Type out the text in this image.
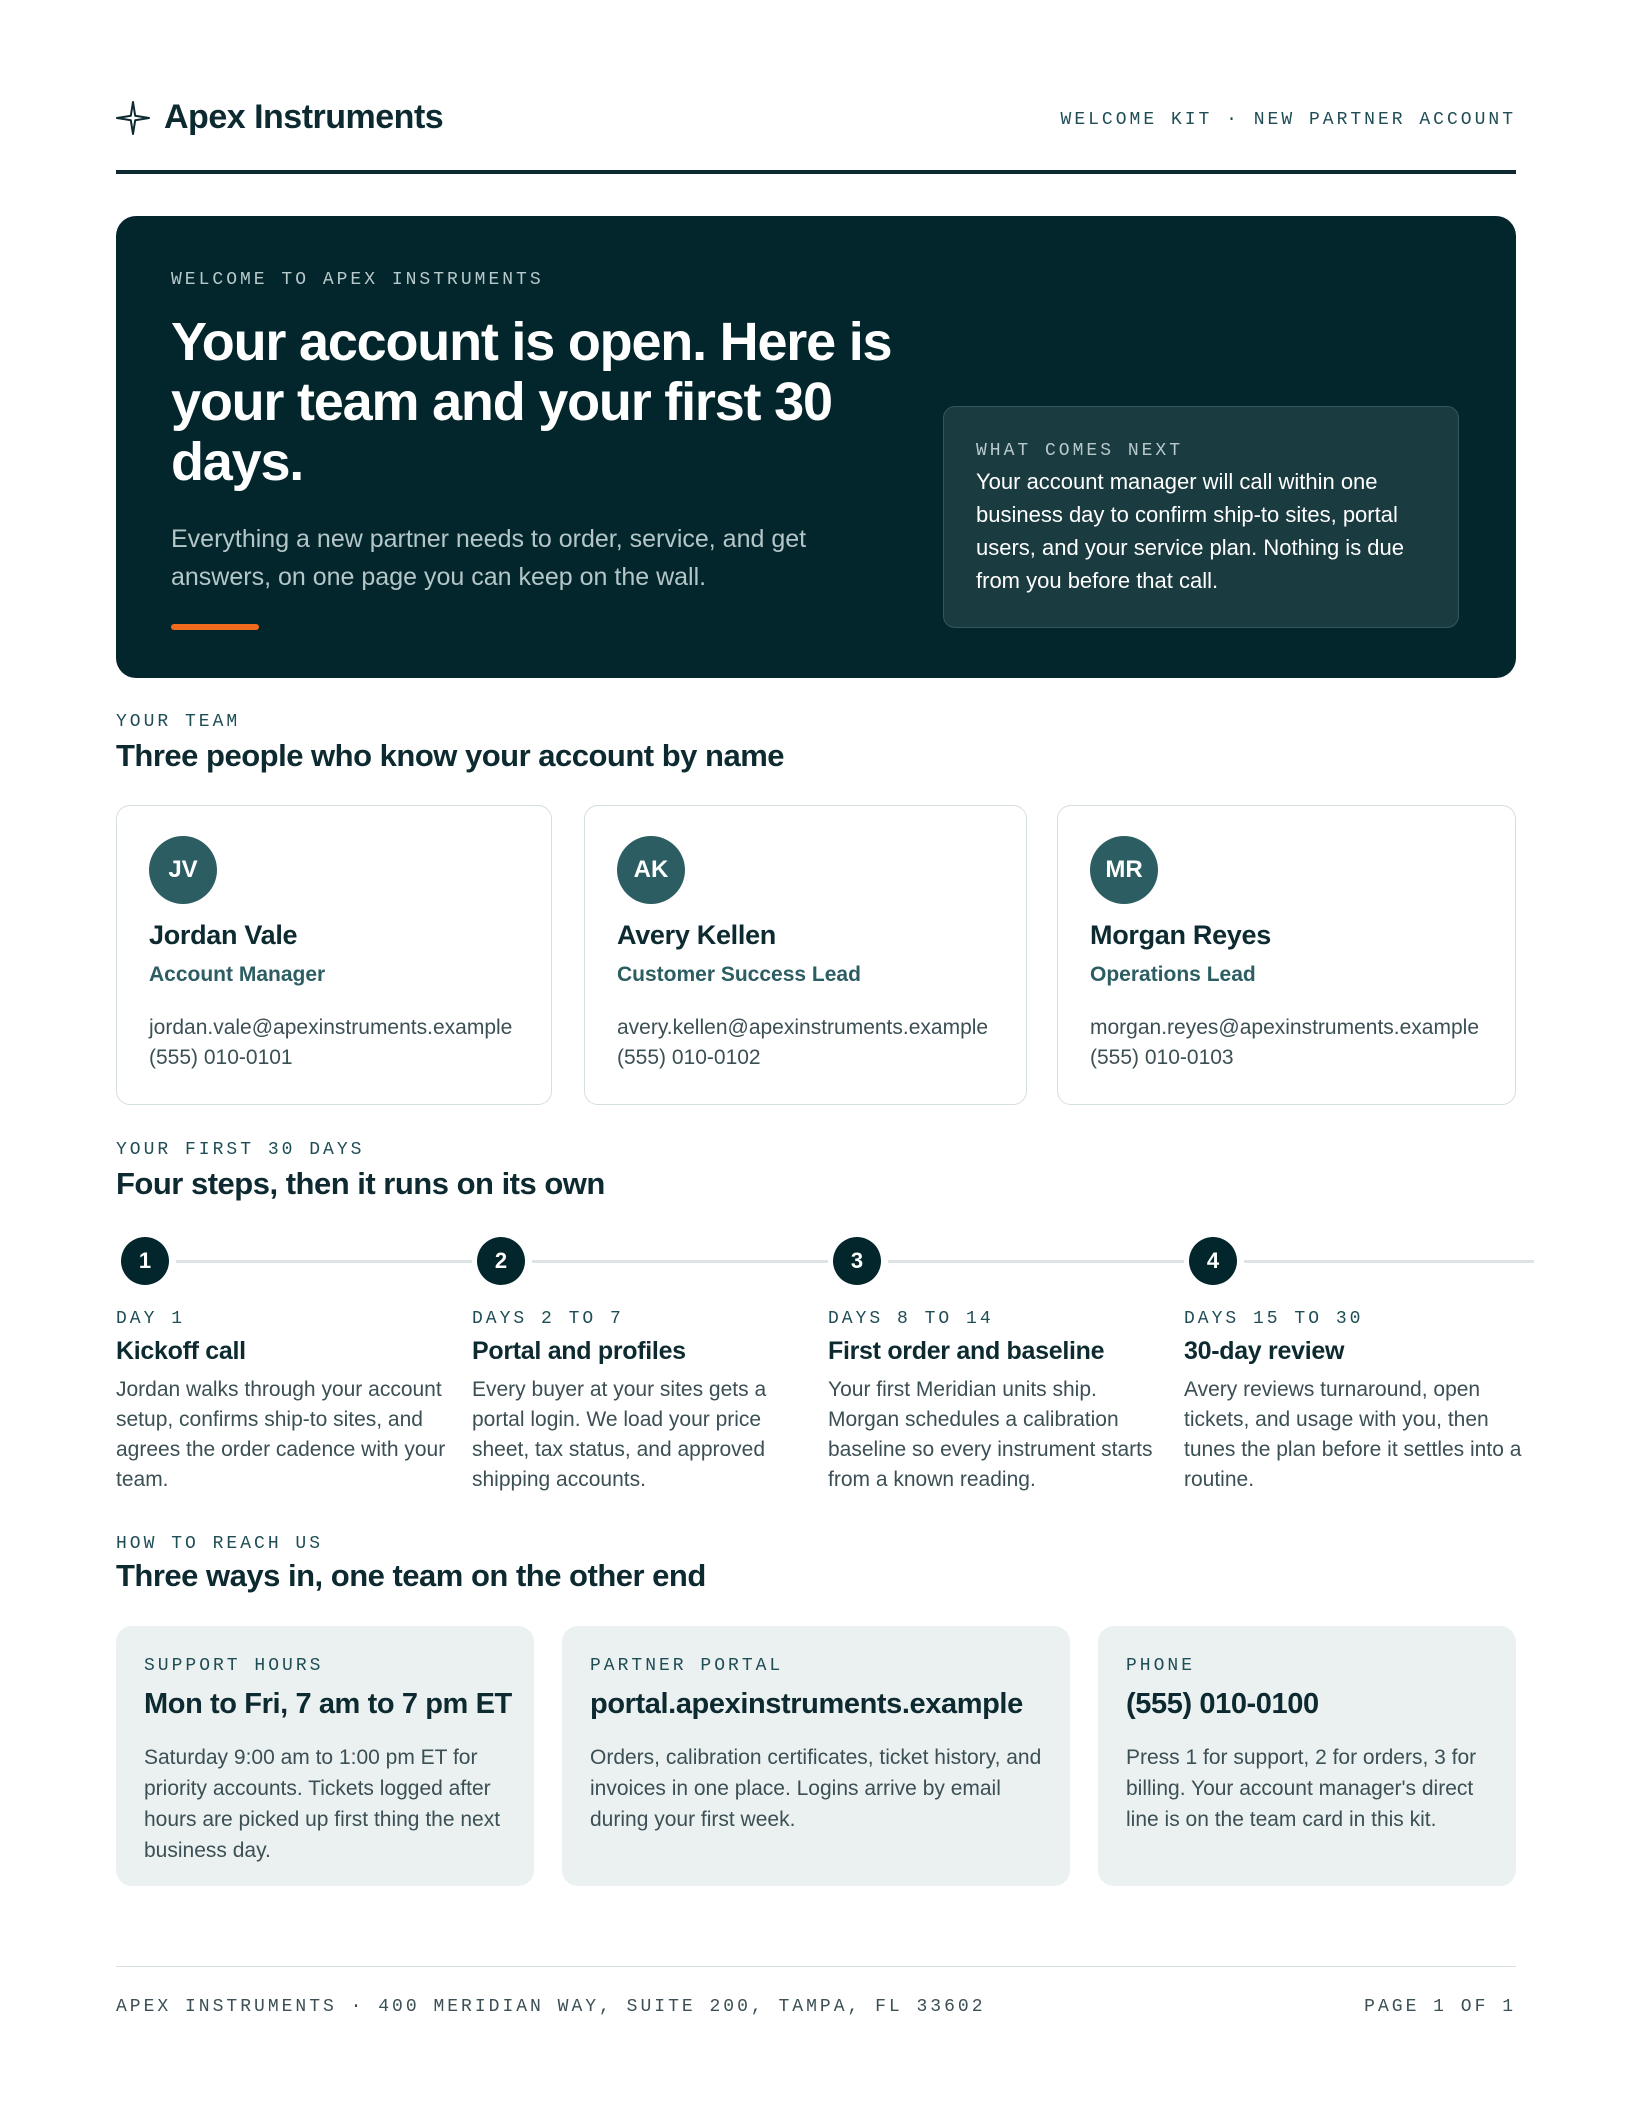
Apex Instruments	WELCOME KIT · NEW PARTNER ACCOUNT
WELCOME TO APEX INSTRUMENTS
Your account is open. Here is your team and your first 30 days.
Everything a new partner needs to order, service, and get answers, on one page you can keep on the wall.
WHAT COMES NEXT
Your account manager will call within one business day to confirm ship-to sites, portal users, and your service plan. Nothing is due from you before that call.
YOUR TEAM
Three people who know your account by name
JV
Jordan Vale
Account Manager
jordan.vale@apexinstruments.example
(555) 010-0101
AK
Avery Kellen
Customer Success Lead
avery.kellen@apexinstruments.example
(555) 010-0102
MR
Morgan Reyes
Operations Lead
morgan.reyes@apexinstruments.example
(555) 010-0103
YOUR FIRST 30 DAYS
Four steps, then it runs on its own
1
DAY 1
Kickoff call
Jordan walks through your account setup, confirms ship-to sites, and agrees the order cadence with your team.
2
DAYS 2 TO 7
Portal and profiles
Every buyer at your sites gets a portal login. We load your price sheet, tax status, and approved shipping accounts.
3
DAYS 8 TO 14
First order and baseline
Your first Meridian units ship. Morgan schedules a calibration baseline so every instrument starts from a known reading.
4
DAYS 15 TO 30
30-day review
Avery reviews turnaround, open tickets, and usage with you, then tunes the plan before it settles into a routine.
HOW TO REACH US
Three ways in, one team on the other end
SUPPORT HOURS
Mon to Fri, 7 am to 7 pm ET
Saturday 9:00 am to 1:00 pm ET for priority accounts. Tickets logged after hours are picked up first thing the next business day.
PARTNER PORTAL
portal.apexinstruments.example
Orders, calibration certificates, ticket history, and invoices in one place. Logins arrive by email during your first week.
PHONE
(555) 010-0100
Press 1 for support, 2 for orders, 3 for billing. Your account manager's direct line is on the team card in this kit.
APEX INSTRUMENTS · 400 MERIDIAN WAY, SUITE 200, TAMPA, FL 33602	PAGE 1 OF 1
